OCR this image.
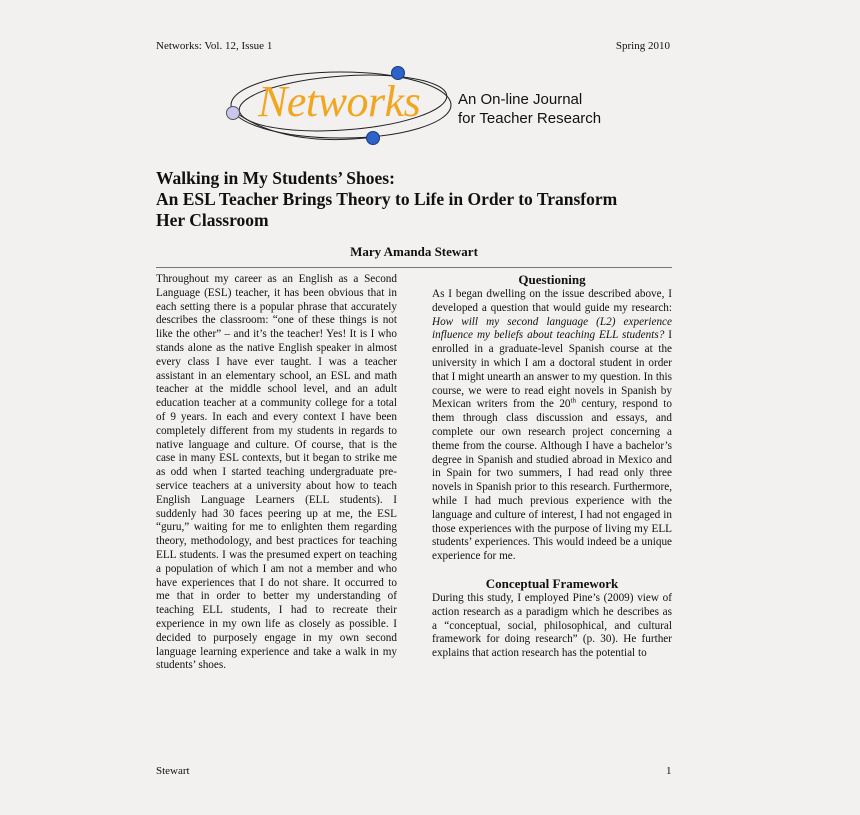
Networks: Vol. 12, Issue 1	Spring 2010
Networks	An On-line Journal
for Teacher Research
Walking in My Students’ Shoes:
An ESL Teacher Brings Theory to Life in Order to Transform
Her Classroom
Mary Amanda Stewart
Throughout my career as an English as a Second Language (ESL) teacher, it has been obvious that in each setting there is a popular phrase that accurately describes the classroom: “one of these things is not like the other” – and it’s the teacher! Yes! It is I who stands alone as the native English speaker in almost every class I have ever taught. I was a teacher assistant in an elementary school, an ESL and math teacher at the middle school level, and an adult education teacher at a community college for a total of 9 years. In each and every context I have been completely different from my students in regards to native language and culture. Of course, that is the case in many ESL contexts, but it began to strike me as odd when I started teaching undergraduate pre-service teachers at a university about how to teach English Language Learners (ELL students). I suddenly had 30 faces peering up at me, the ESL “guru,” waiting for me to enlighten them regarding theory, methodology, and best practices for teaching ELL students. I was the presumed expert on teaching a population of which I am not a member and who have experiences that I do not share. It occurred to me that in order to better my understanding of teaching ELL students, I had to recreate their experience in my own life as closely as possible. I decided to purposely engage in my own second language learning experience and take a walk in my students’ shoes.
Questioning
As I began dwelling on the issue described above, I developed a question that would guide my research: How will my second language (L2) experience influence my beliefs about teaching ELL students? I enrolled in a graduate-level Spanish course at the university in which I am a doctoral student in order that I might unearth an answer to my question. In this course, we were to read eight novels in Spanish by Mexican writers from the 20th century, respond to them through class discussion and essays, and complete our own research project concerning a theme from the course. Although I have a bachelor’s degree in Spanish and studied abroad in Mexico and in Spain for two summers, I had read only three novels in Spanish prior to this research. Furthermore, while I had much previous experience with the language and culture of interest, I had not engaged in those experiences with the purpose of living my ELL students’ experiences. This would indeed be a unique experience for me.
Conceptual Framework
During this study, I employed Pine’s (2009) view of action research as a paradigm which he describes as a “conceptual, social, philosophical, and cultural framework for doing research” (p. 30). He further explains that action research has the potential to
Stewart	1
